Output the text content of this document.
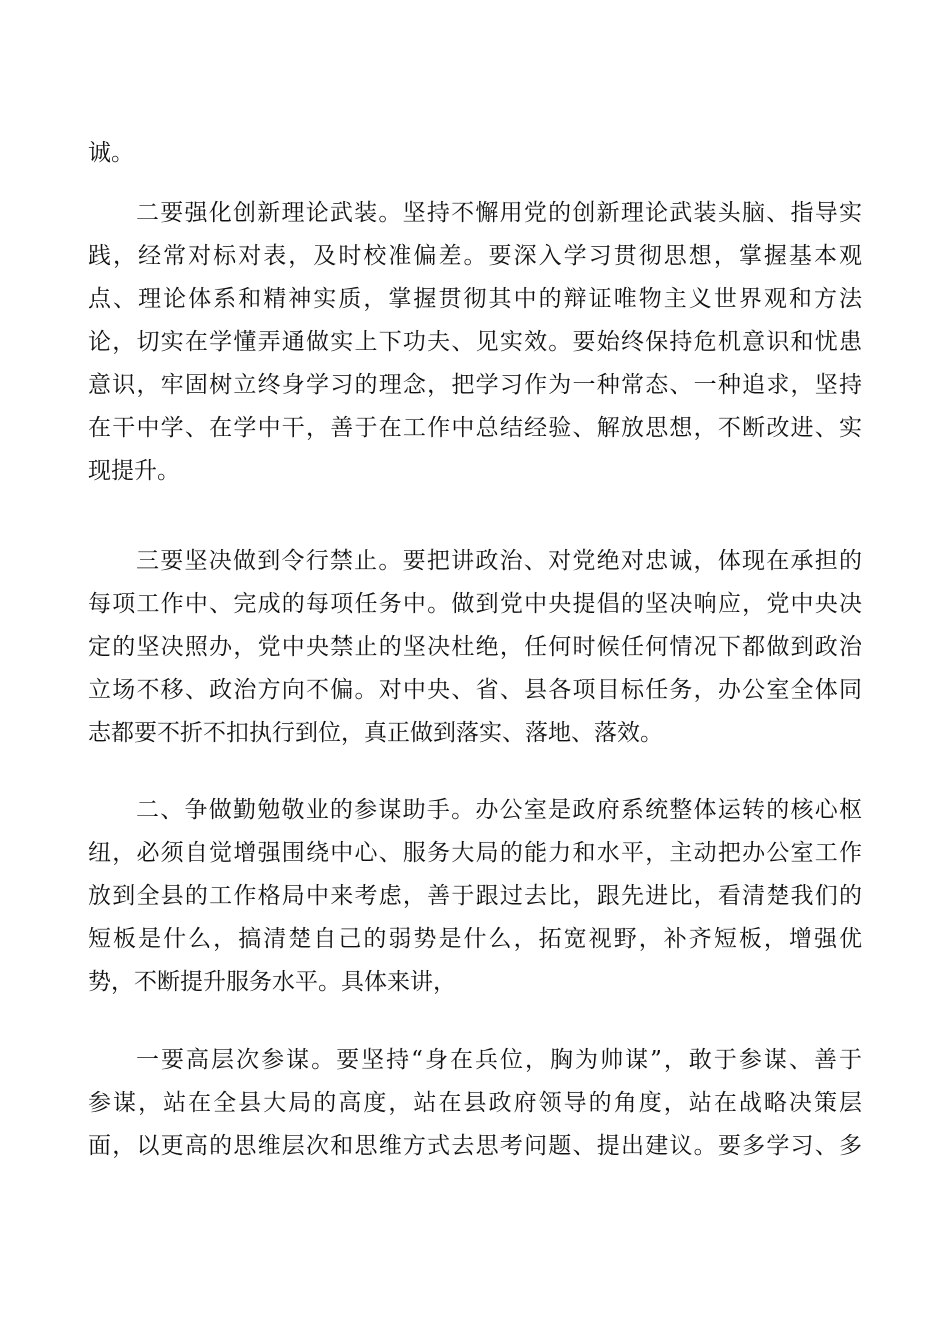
诚。
二要强化创新理论武装。坚持不懈用党的创新理论武装头脑、指导实
践，经常对标对表，及时校准偏差。要深入学习贯彻思想，掌握基本观
点、理论体系和精神实质，掌握贯彻其中的辩证唯物主义世界观和方法
论，切实在学懂弄通做实上下功夫、见实效。要始终保持危机意识和忧患
意识，牢固树立终身学习的理念，把学习作为一种常态、一种追求，坚持
在干中学、在学中干，善于在工作中总结经验、解放思想，不断改进、实
现提升。
三要坚决做到令行禁止。要把讲政治、对党绝对忠诚，体现在承担的
每项工作中、完成的每项任务中。做到党中央提倡的坚决响应，党中央决
定的坚决照办，党中央禁止的坚决杜绝，任何时候任何情况下都做到政治
立场不移、政治方向不偏。对中央、省、县各项目标任务，办公室全体同
志都要不折不扣执行到位，真正做到落实、落地、落效。
二、争做勤勉敬业的参谋助手。办公室是政府系统整体运转的核心枢
纽，必须自觉增强围绕中心、服务大局的能力和水平，主动把办公室工作
放到全县的工作格局中来考虑，善于跟过去比，跟先进比，看清楚我们的
短板是什么，搞清楚自己的弱势是什么，拓宽视野，补齐短板，增强优
势，不断提升服务水平。具体来讲，
一要高层次参谋。要坚持“身在兵位，胸为帅谋”，敢于参谋、善于
参谋，站在全县大局的高度，站在县政府领导的角度，站在战略决策层
面，以更高的思维层次和思维方式去思考问题、提出建议。要多学习、多
